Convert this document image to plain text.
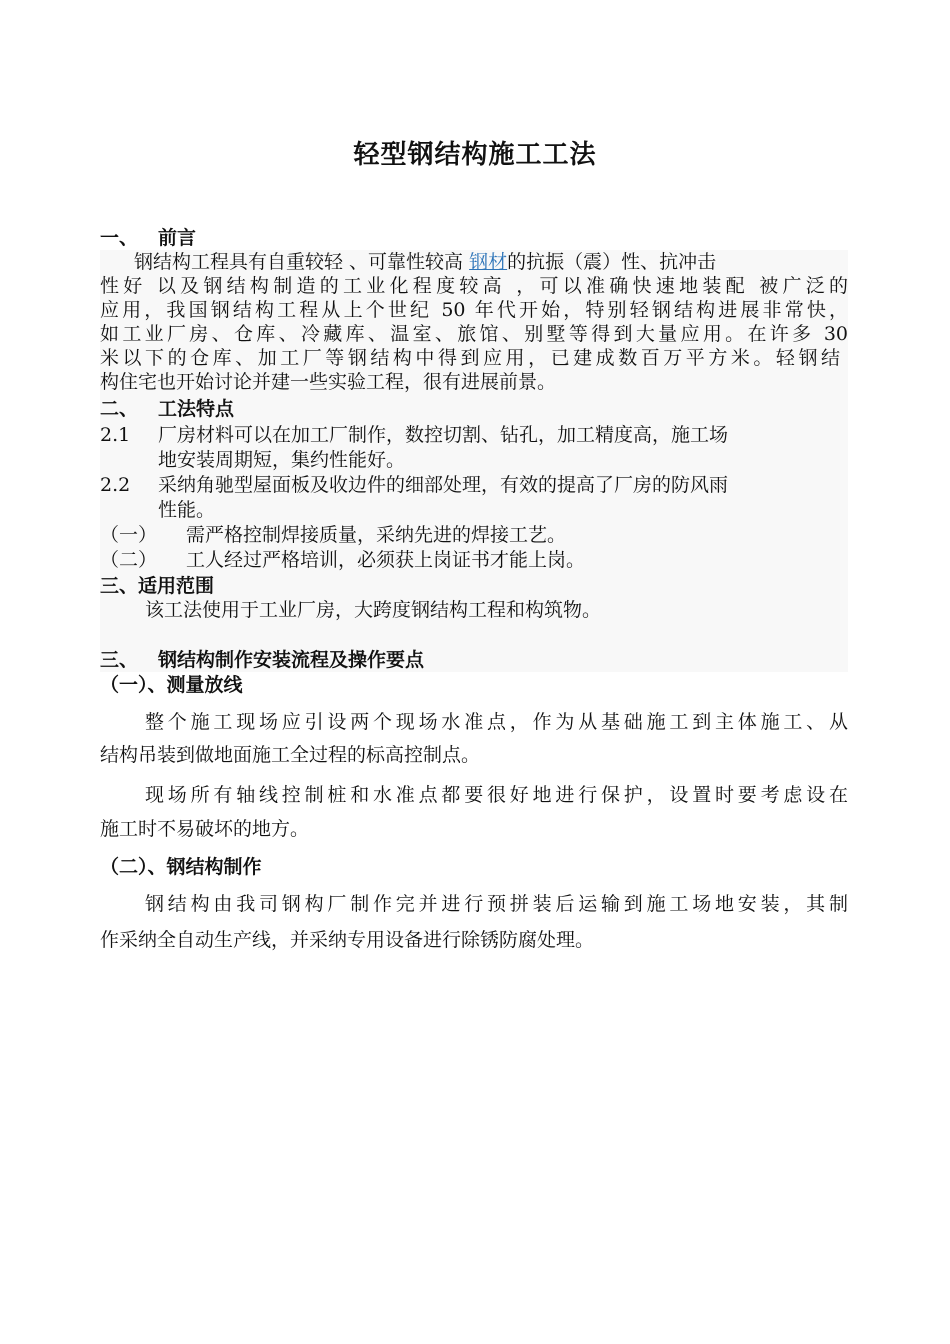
轻型钢结构施工工法
一、 前言
钢结构工程具有自重较轻 、可靠性较高 钢材的抗振（震）性、抗冲击
性好 以及钢结构制造的工业化程度较高 ，可以准确快速地装配 被广泛的
应用，我国钢结构工程从上个世纪 50 年代开始，特别轻钢结构进展非常快，
如工业厂房、仓库、冷藏库、温室、旅馆、别墅等得到大量应用。在许多 30
米以下的仓库、加工厂等钢结构中得到应用，已建成数百万平方米。轻钢结
构住宅也开始讨论并建一些实验工程，很有进展前景。
二、 工法特点
2.1 厂房材料可以在加工厂制作，数控切割、钻孔，加工精度高，施工场
地安装周期短，集约性能好。
2.2 采纳角驰型屋面板及收边件的细部处理，有效的提高了厂房的防风雨
性能。
（一） 需严格控制焊接质量，采纳先进的焊接工艺。
（二） 工人经过严格培训，必须获上岗证书才能上岗。
三、适用范围
该工法使用于工业厂房，大跨度钢结构工程和构筑物。
三、 钢结构制作安装流程及操作要点
（一）、测量放线
整个施工现场应引设两个现场水准点，作为从基础施工到主体施工、从
结构吊装到做地面施工全过程的标高控制点。
现场所有轴线控制桩和水准点都要很好地进行保护，设置时要考虑设在
施工时不易破坏的地方。
（二）、钢结构制作
钢结构由我司钢构厂制作完并进行预拼装后运输到施工场地安装，其制
作采纳全自动生产线，并采纳专用设备进行除锈防腐处理。
